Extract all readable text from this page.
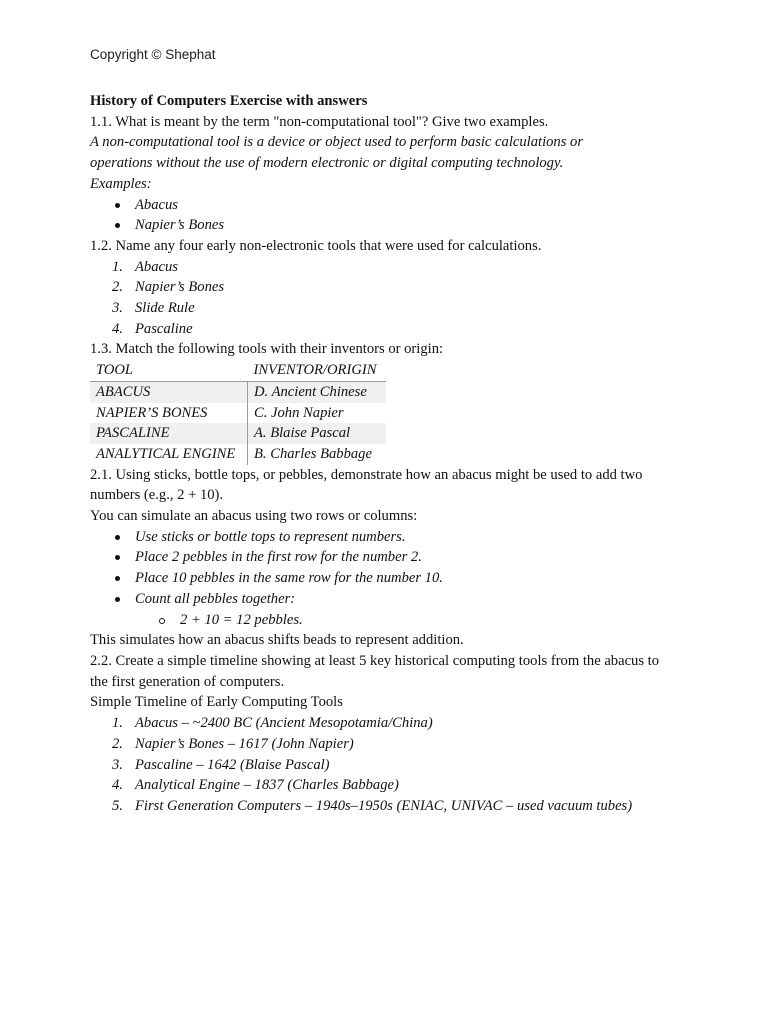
Copyright © Shephat
History of Computers Exercise with answers
1.1. What is meant by the term "non-computational tool"? Give two examples.
A non-computational tool is a device or object used to perform basic calculations or
operations without the use of modern electronic or digital computing technology.
Examples:
Abacus
Napier’s Bones
1.2. Name any four early non-electronic tools that were used for calculations.
1. Abacus
2. Napier’s Bones
3. Slide Rule
4. Pascaline
1.3. Match the following tools with their inventors or origin:
TOOL	INVENTOR/ORIGIN
ABACUS	D. Ancient Chinese
NAPIER’S BONES	C. John Napier
PASCALINE	A. Blaise Pascal
ANALYTICAL ENGINE	B. Charles Babbage
2.1. Using sticks, bottle tops, or pebbles, demonstrate how an abacus might be used to add two
numbers (e.g., 2 + 10).
You can simulate an abacus using two rows or columns:
Use sticks or bottle tops to represent numbers.
Place 2 pebbles in the first row for the number 2.
Place 10 pebbles in the same row for the number 10.
Count all pebbles together:
2 + 10 = 12 pebbles.
This simulates how an abacus shifts beads to represent addition.
2.2. Create a simple timeline showing at least 5 key historical computing tools from the abacus to
the first generation of computers.
Simple Timeline of Early Computing Tools
1. Abacus – ~2400 BC (Ancient Mesopotamia/China)
2. Napier’s Bones – 1617 (John Napier)
3. Pascaline – 1642 (Blaise Pascal)
4. Analytical Engine – 1837 (Charles Babbage)
5. First Generation Computers – 1940s–1950s (ENIAC, UNIVAC – used vacuum tubes)
